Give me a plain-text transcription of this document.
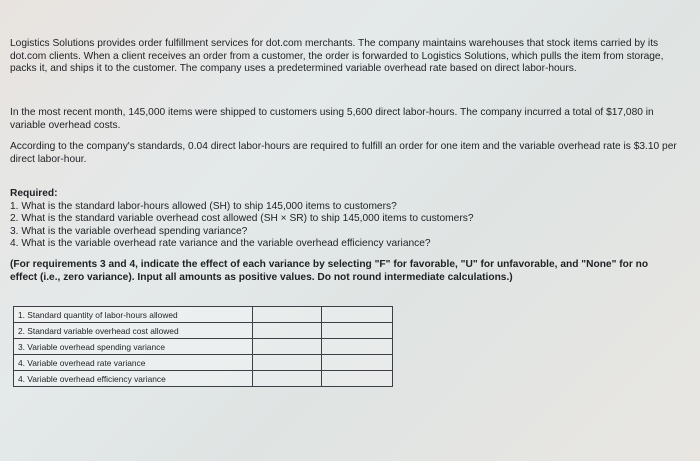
Logistics Solutions provides order fulfillment services for dot.com merchants. The company maintains warehouses that stock items carried by its dot.com clients. When a client receives an order from a customer, the order is forwarded to Logistics Solutions, which pulls the item from storage, packs it, and ships it to the customer. The company uses a predetermined variable overhead rate based on direct labor-hours.

In the most recent month, 145,000 items were shipped to customers using 5,600 direct labor-hours. The company incurred a total of $17,080 in variable overhead costs.

According to the company's standards, 0.04 direct labor-hours are required to fulfill an order for one item and the variable overhead rate is $3.10 per direct labor-hour.

Required:

1. What is the standard labor-hours allowed (SH) to ship 145,000 items to customers?

2. What is the standard variable overhead cost allowed (SH × SR) to ship 145,000 items to customers?

3. What is the variable overhead spending variance?

4. What is the variable overhead rate variance and the variable overhead efficiency variance?

(For requirements 3 and 4, indicate the effect of each variance by selecting "F" for favorable, "U" for unfavorable, and "None" for no effect (i.e., zero variance). Input all amounts as positive values. Do not round intermediate calculations.)

1. Standard quantity of labor-hours allowed		
2. Standard variable overhead cost allowed		
3. Variable overhead spending variance		
4. Variable overhead rate variance		
4. Variable overhead efficiency variance		
